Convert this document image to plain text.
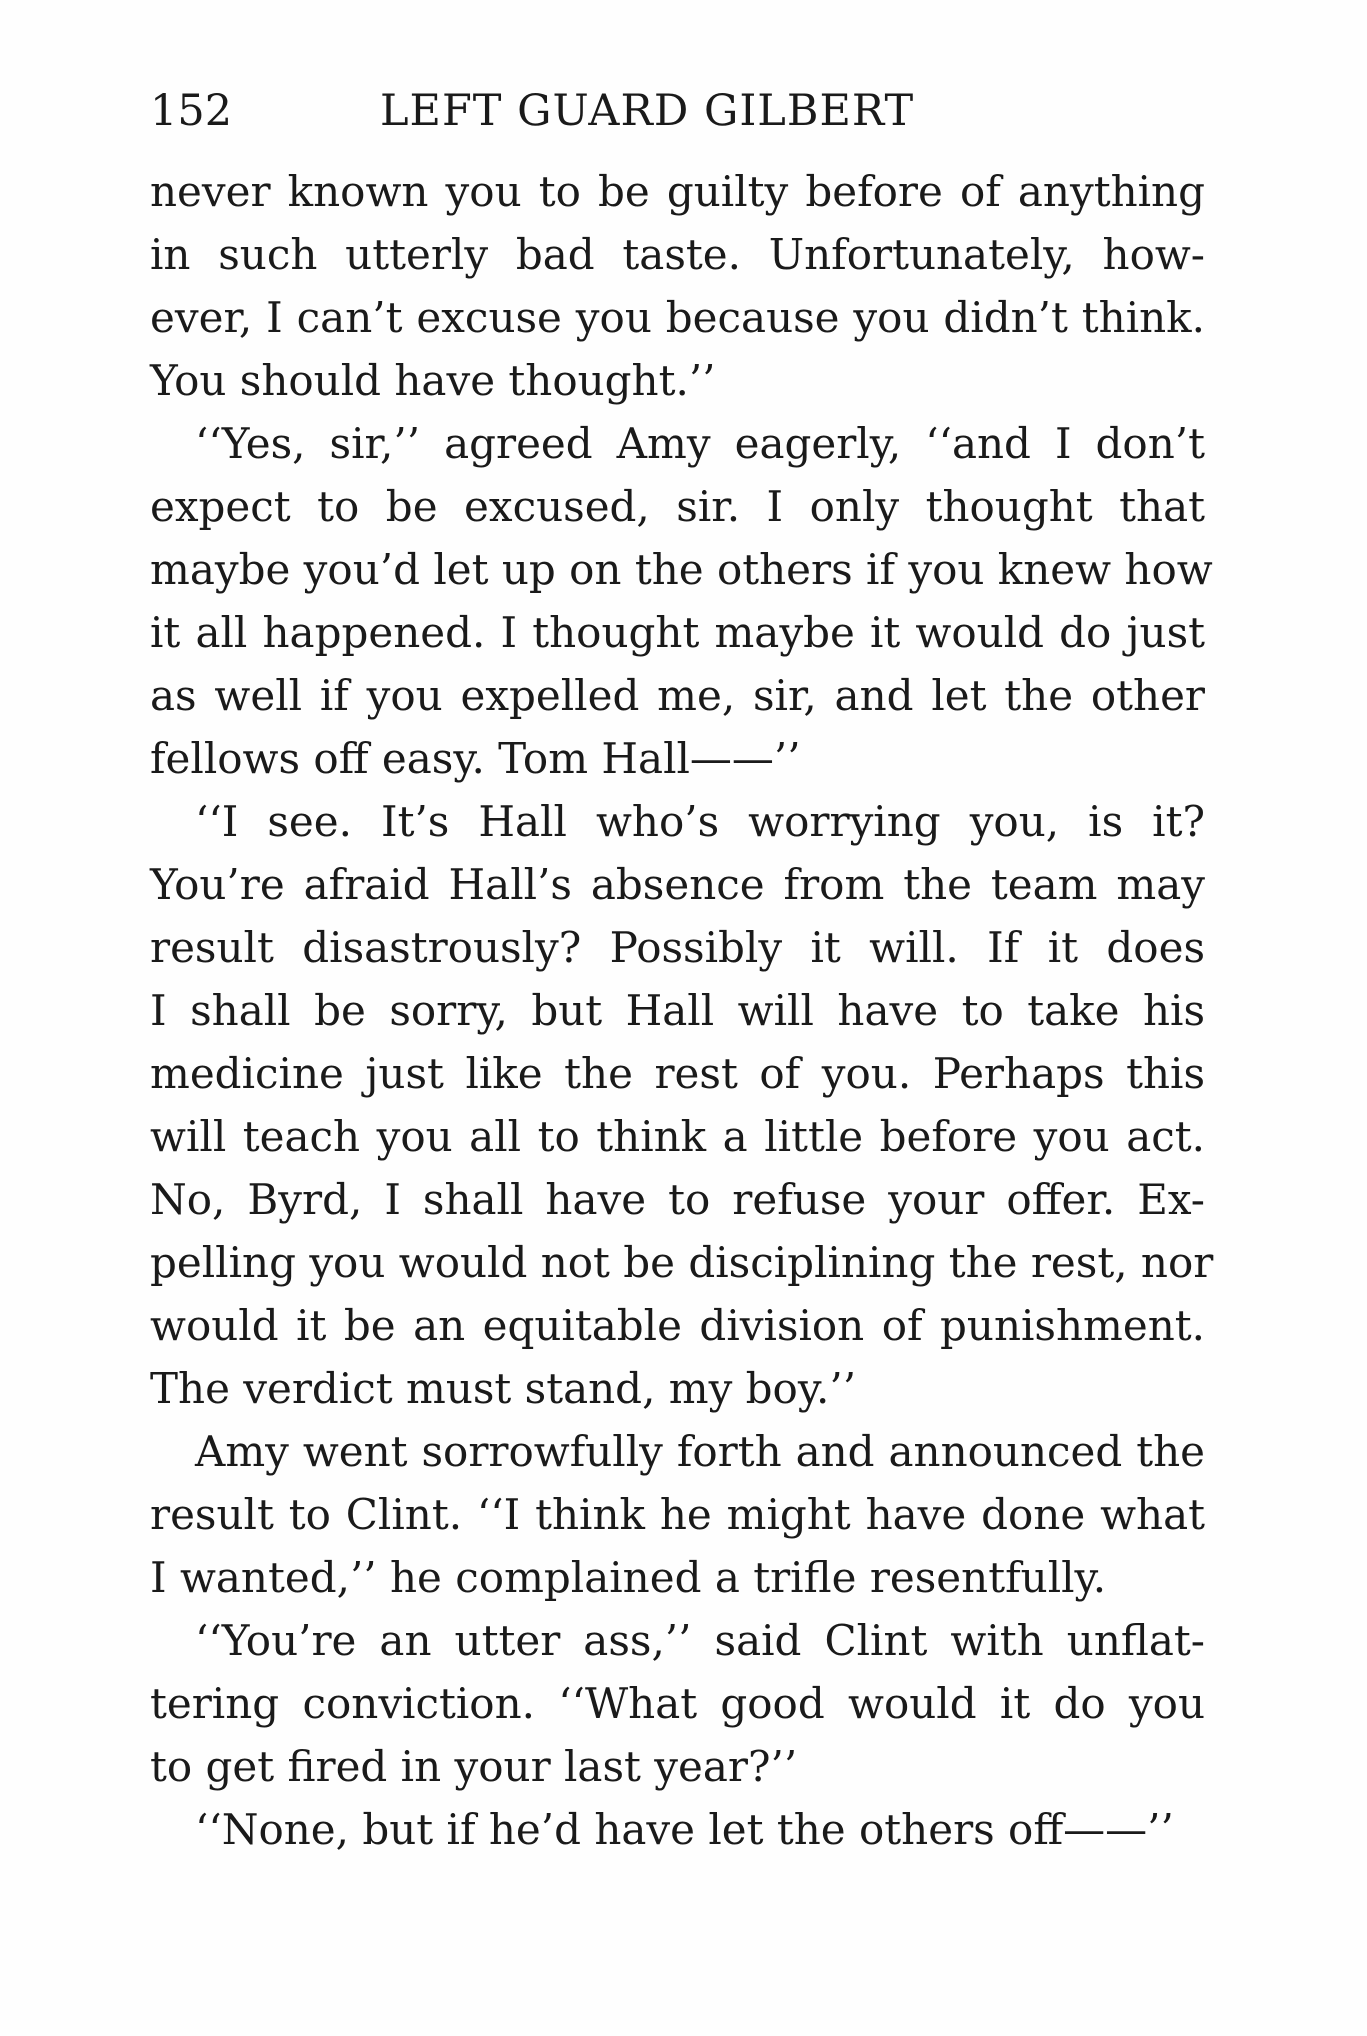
152	LEFT GUARD GILBERT
never known you to be guilty before of anything
in such utterly bad taste. Unfortunately, how-
ever, I can’t excuse you because you didn’t think.
You should have thought.’’
‘‘Yes, sir,’’ agreed Amy eagerly, ‘‘and I don’t
expect to be excused, sir. I only thought that
maybe you’d let up on the others if you knew how
it all happened. I thought maybe it would do just
as well if you expelled me, sir, and let the other
fellows off easy. Tom Hall——’’
‘‘I see. It’s Hall who’s worrying you, is it?
You’re afraid Hall’s absence from the team may
result disastrously? Possibly it will. If it does
I shall be sorry, but Hall will have to take his
medicine just like the rest of you. Perhaps this
will teach you all to think a little before you act.
No, Byrd, I shall have to refuse your offer. Ex-
pelling you would not be disciplining the rest, nor
would it be an equitable division of punishment.
The verdict must stand, my boy.’’
Amy went sorrowfully forth and announced the
result to Clint. ‘‘I think he might have done what
I wanted,’’ he complained a trifle resentfully.
‘‘You’re an utter ass,’’ said Clint with unflat-
tering conviction. ‘‘What good would it do you
to get fired in your last year?’’
‘‘None, but if he’d have let the others off——’’
